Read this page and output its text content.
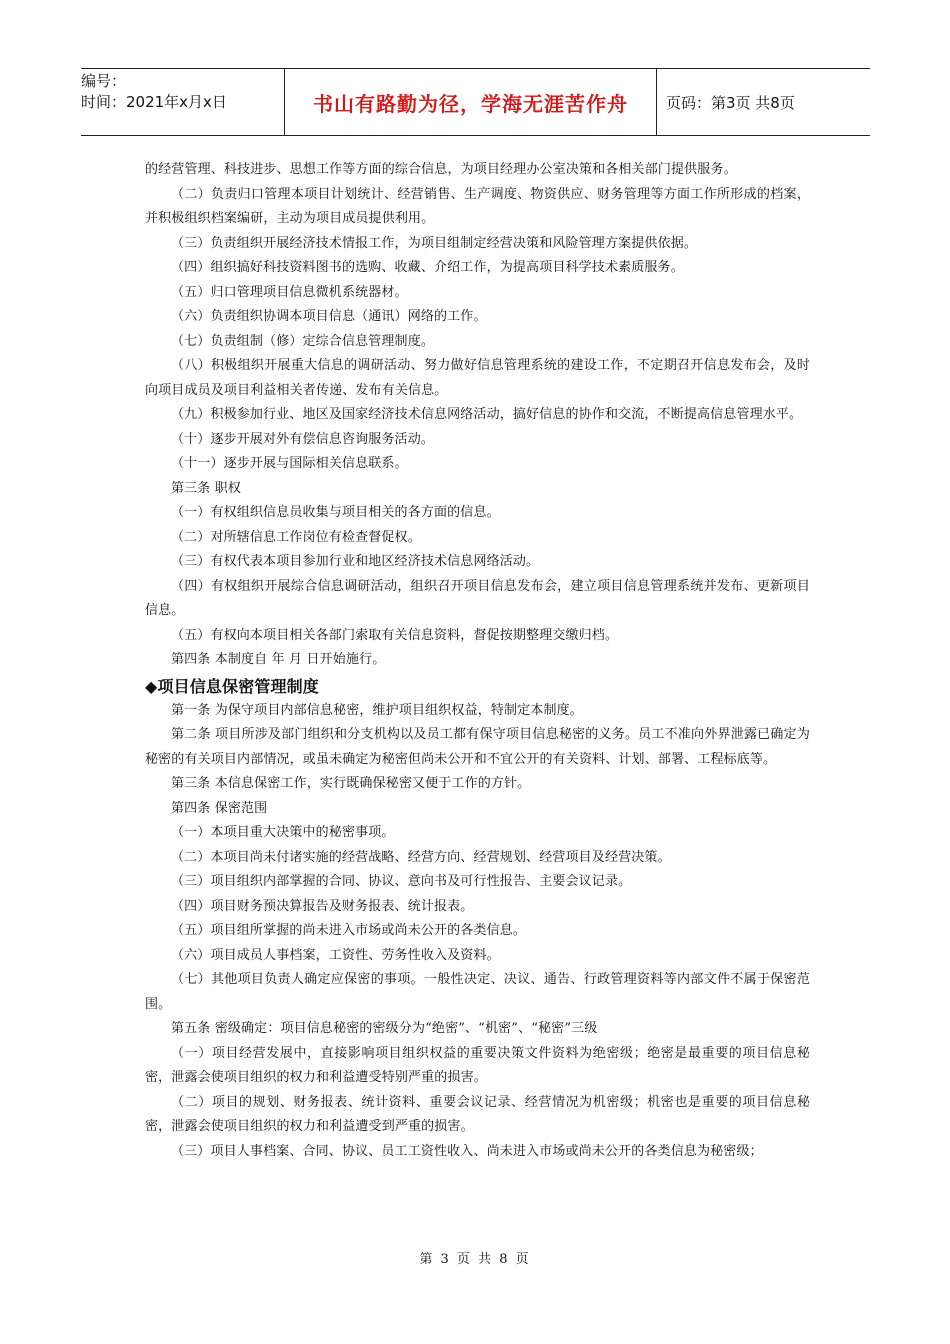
编号：
时间：2021年x月x日	书山有路勤为径，学海无涯苦作舟	页码：第3页 共8页

的经营管理、科技进步、思想工作等方面的综合信息，为项目经理办公室决策和各相关部门提供服务。

（二）负责归口管理本项目计划统计、经营销售、生产调度、物资供应、财务管理等方面工作所形成的档案，并积极组织档案编研，主动为项目成员提供利用。

（三）负责组织开展经济技术情报工作，为项目组制定经营决策和风险管理方案提供依据。

（四）组织搞好科技资料图书的选购、收藏、介绍工作，为提高项目科学技术素质服务。

（五）归口管理项目信息微机系统器材。

（六）负责组织协调本项目信息（通讯）网络的工作。

（七）负责组制（修）定综合信息管理制度。

（八）积极组织开展重大信息的调研活动、努力做好信息管理系统的建设工作，不定期召开信息发布会，及时向项目成员及项目利益相关者传递、发布有关信息。

（九）积极参加行业、地区及国家经济技术信息网络活动，搞好信息的协作和交流，不断提高信息管理水平。

（十）逐步开展对外有偿信息咨询服务活动。

（十一）逐步开展与国际相关信息联系。

第三条 职权

（一）有权组织信息员收集与项目相关的各方面的信息。

（二）对所辖信息工作岗位有检查督促权。

（三）有权代表本项目参加行业和地区经济技术信息网络活动。

（四）有权组织开展综合信息调研活动，组织召开项目信息发布会，建立项目信息管理系统并发布、更新项目信息。

（五）有权向本项目相关各部门索取有关信息资料，督促按期整理交缴归档。

第四条 本制度自 年 月 日开始施行。

◆项目信息保密管理制度

第一条 为保守项目内部信息秘密，维护项目组织权益，特制定本制度。

第二条 项目所涉及部门组织和分支机构以及员工都有保守项目信息秘密的义务。员工不准向外界泄露已确定为秘密的有关项目内部情况，或虽未确定为秘密但尚未公开和不宜公开的有关资料、计划、部署、工程标底等。

第三条 本信息保密工作，实行既确保秘密又便于工作的方针。

第四条 保密范围

（一）本项目重大决策中的秘密事项。

（二）本项目尚未付诸实施的经营战略、经营方向、经营规划、经营项目及经营决策。

（三）项目组织内部掌握的合同、协议、意向书及可行性报告、主要会议记录。

（四）项目财务预决算报告及财务报表、统计报表。

（五）项目组所掌握的尚未进入市场或尚未公开的各类信息。

（六）项目成员人事档案，工资性、劳务性收入及资料。

（七）其他项目负责人确定应保密的事项。一般性决定、决议、通告、行政管理资料等内部文件不属于保密范围。

第五条 密级确定：项目信息秘密的密级分为“绝密”、“机密”、“秘密”三级

（一）项目经营发展中，直接影响项目组织权益的重要决策文件资料为绝密级；绝密是最重要的项目信息秘密，泄露会使项目组织的权力和利益遭受特别严重的损害。

（二）项目的规划、财务报表、统计资料、重要会议记录、经营情况为机密级；机密也是重要的项目信息秘密，泄露会使项目组织的权力和利益遭受到严重的损害。

（三）项目人事档案、合同、协议、员工工资性收入、尚未进入市场或尚未公开的各类信息为秘密级；

第 3 页 共 8 页
